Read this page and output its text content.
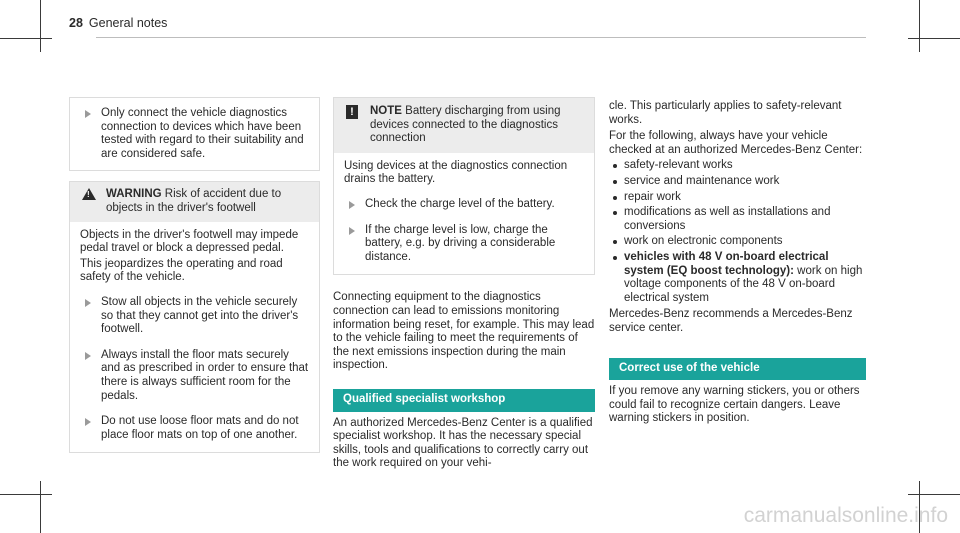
28 General notes
Only connect the vehicle diagnostics connection to devices which have been tested with regard to their suitability and are considered safe.
!
WARNING Risk of accident due to objects in the driver's footwell

Objects in the driver's footwell may impede pedal travel or block a depressed pedal.

This jeopardizes the operating and road safety of the vehicle.

Stow all objects in the vehicle securely so that they cannot get into the driver's footwell.
Always install the floor mats securely and as prescribed in order to ensure that there is always sufficient room for the pedals.
Do not use loose floor mats and do not place floor mats on top of one another.
!	NOTE Battery discharging from using devices connected to the diagnostics connection

Using devices at the diagnostics connection drains the battery.

Check the charge level of the battery.
If the charge level is low, charge the battery, e.g. by driving a considerable distance.

Connecting equipment to the diagnostics connection can lead to emissions monitoring information being reset, for example. This may lead to the vehicle failing to meet the requirements of the next emissions inspection during the main inspection.

Qualified specialist workshop

An authorized Mercedes-Benz Center is a qualified specialist workshop. It has the necessary special skills, tools and qualifications to correctly carry out the work required on your vehi-

cle. This particularly applies to safety-relevant works.

For the following, always have your vehicle checked at an authorized Mercedes-Benz Center:

safety-relevant works
service and maintenance work
repair work
modifications as well as installations and conversions
work on electronic components
vehicles with 48 V on-board electrical system (EQ boost technology): work on high voltage components of the 48 V on-board electrical system

Mercedes-Benz recommends a Mercedes-Benz service center.

Correct use of the vehicle

If you remove any warning stickers, you or others could fail to recognize certain dangers. Leave warning stickers in position.

carmanualsonline.info
